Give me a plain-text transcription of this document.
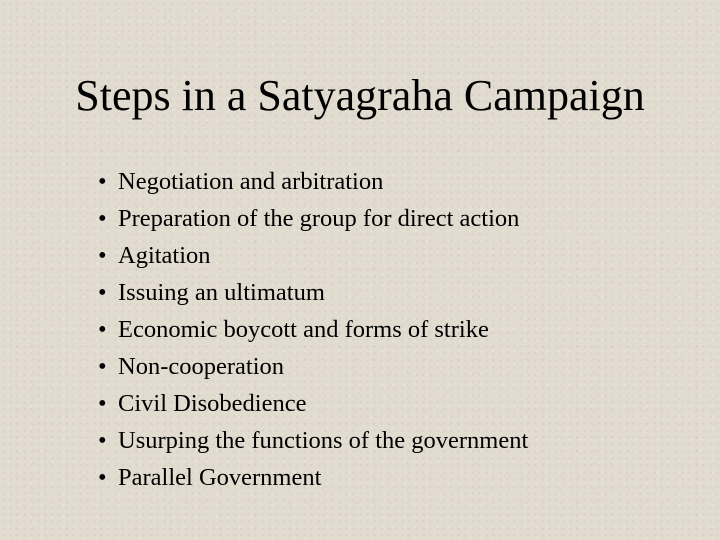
Steps in a Satyagraha Campaign
• Negotiation and arbitration
• Preparation of the group for direct action
• Agitation
• Issuing an ultimatum
• Economic boycott and forms of strike
• Non-cooperation
• Civil Disobedience
• Usurping the functions of the government
• Parallel Government
